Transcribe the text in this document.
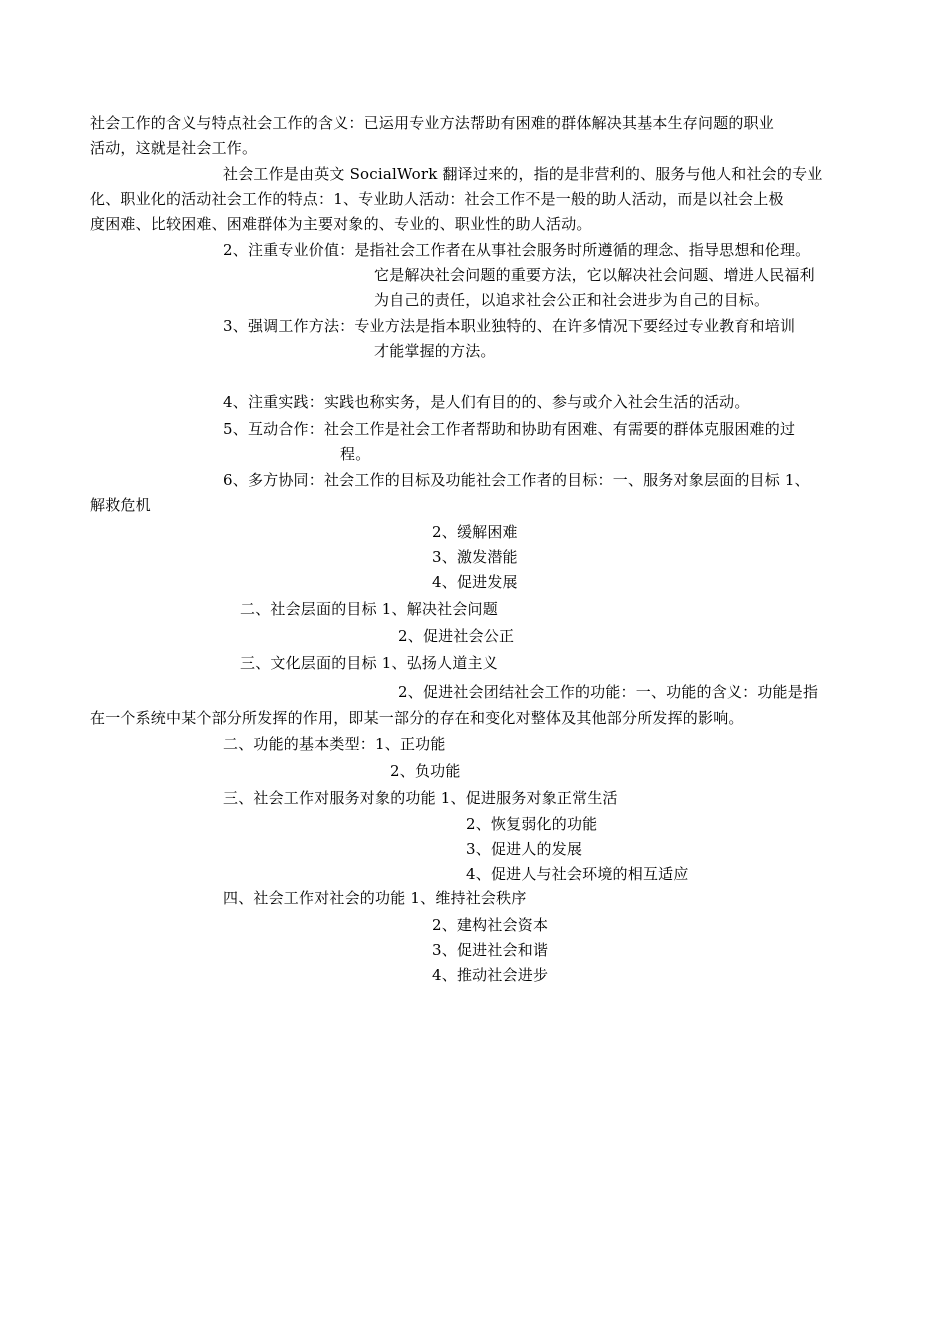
社会工作的含义与特点社会工作的含义：已运用专业方法帮助有困难的群体解决其基本生存问题的职业
活动，这就是社会工作。
社会工作是由英文 SocialWork 翻译过来的，指的是非营利的、服务与他人和社会的专业
化、职业化的活动社会工作的特点：1、专业助人活动：社会工作不是一般的助人活动，而是以社会上极
度困难、比较困难、困难群体为主要对象的、专业的、职业性的助人活动。
2、注重专业价值：是指社会工作者在从事社会服务时所遵循的理念、指导思想和伦理。
它是解决社会问题的重要方法，它以解决社会问题、增进人民福利
为自己的责任，以追求社会公正和社会进步为自己的目标。
3、强调工作方法：专业方法是指本职业独特的、在许多情况下要经过专业教育和培训
才能掌握的方法。
4、注重实践：实践也称实务，是人们有目的的、参与或介入社会生活的活动。
5、互动合作：社会工作是社会工作者帮助和协助有困难、有需要的群体克服困难的过
程。
6、多方协同：社会工作的目标及功能社会工作者的目标：一、服务对象层面的目标 1、
解救危机
2、缓解困难
3、激发潜能
4、促进发展
二、社会层面的目标 1、解决社会问题
2、促进社会公正
三、文化层面的目标 1、弘扬人道主义
2、促进社会团结社会工作的功能：一、功能的含义：功能是指
在一个系统中某个部分所发挥的作用，即某一部分的存在和变化对整体及其他部分所发挥的影响。
二、功能的基本类型：1、正功能
2、负功能
三、社会工作对服务对象的功能 1、促进服务对象正常生活
2、恢复弱化的功能
3、促进人的发展
4、促进人与社会环境的相互适应
四、社会工作对社会的功能 1、维持社会秩序
2、建构社会资本
3、促进社会和谐
4、推动社会进步
